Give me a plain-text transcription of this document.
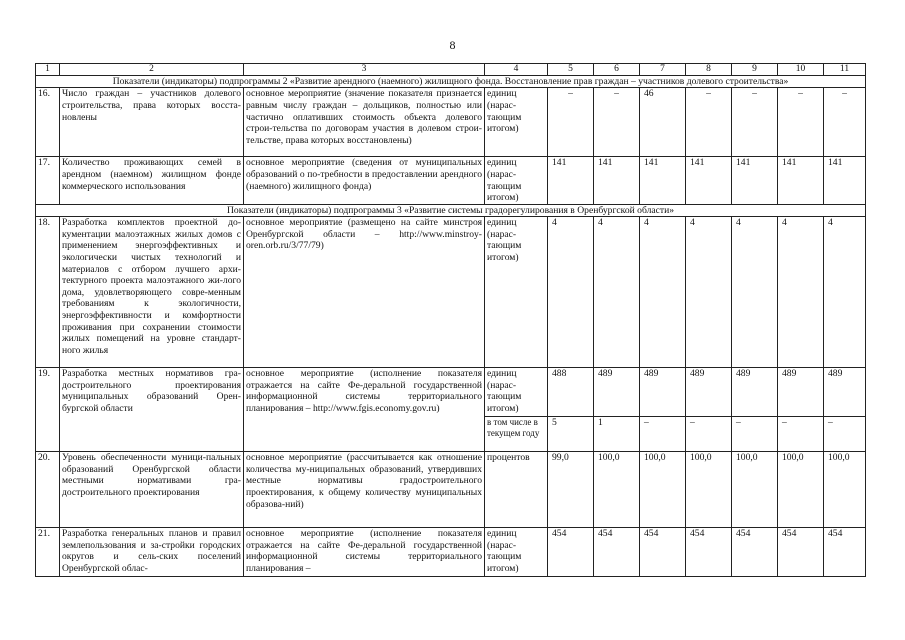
8
1	2	3	4	5	6	7	8	9	10	11
Показатели (индикаторы) подпрограммы 2 «Развитие арендного (наемного) жилищного фонда. Восстановление прав граждан – участников долевого строительства»										
16.	Число граждан – участников долевого строительства, права которых восста-новлены	основное мероприятие (значение показателя признается равным числу граждан – дольщиков, полностью или частично оплативших стоимость объекта долевого строи-тельства по договорам участия в долевом строи-тельстве, права которых восстановлены)	единиц (нарас-тающим итогом)	–	–	46	–	–	–	–
17.	Количество проживающих семей в арендном (наемном) жилищном фонде коммерческого использования	основное мероприятие (сведения от муниципальных образований о по-требности в предоставлении арендного (наемного) жилищного фонда)	единиц (нарас-тающим итогом)	141	141	141	141	141	141	141
Показатели (индикаторы) подпрограммы 3 «Развитие системы градорегулирования в Оренбургской области»										
18.	Разработка комплектов проектной до-кументации малоэтажных жилых домов с применением энергоэффективных и экологически чистых технологий и материалов с отбором лучшего архи-тектурного проекта малоэтажного жи-лого дома, удовлетворяющего совре-менным требованиям к экологичности, энергоэффективности и комфортности проживания при сохранении стоимости жилых помещений на уровне стандарт-ного жилья	основное мероприятие (размещено на сайте минстроя Оренбургской области – http://www.minstroy-oren.orb.ru/3/77/79)	единиц (нарас-тающим итогом)	4	4	4	4	4	4	4
19.	Разработка местных нормативов гра-достроительного проектирования муниципальных образований Орен-бургской области	основное мероприятие (исполнение показателя отражается на сайте Фе-деральной государственной информационной системы территориального планирования – http://www.fgis.economy.gov.ru)	единиц (нарас-тающим итогом)	488	489	489	489	489	489	489
			в том числе в текущем году	5	1	–	–	–	–	–
20.	Уровень обеспеченности муници-пальных образований Оренбургской области местными нормативами гра-достроительного проектирования	основное мероприятие (рассчитывается как отношение количества му-ниципальных образований, утвердивших местные нормативы градостроительного проектирования, к общему количеству муниципальных образова-ний)	процентов	99,0	100,0	100,0	100,0	100,0	100,0	100,0
21.	Разработка генеральных планов и правил землепользования и за-стройки городских округов и сель-ских поселений Оренбургской облас-	основное мероприятие (исполнение показателя отражается на сайте Фе-деральной государственной информационной системы территориального планирования –	единиц (нарас-тающим итогом)	454	454	454	454	454	454	454
